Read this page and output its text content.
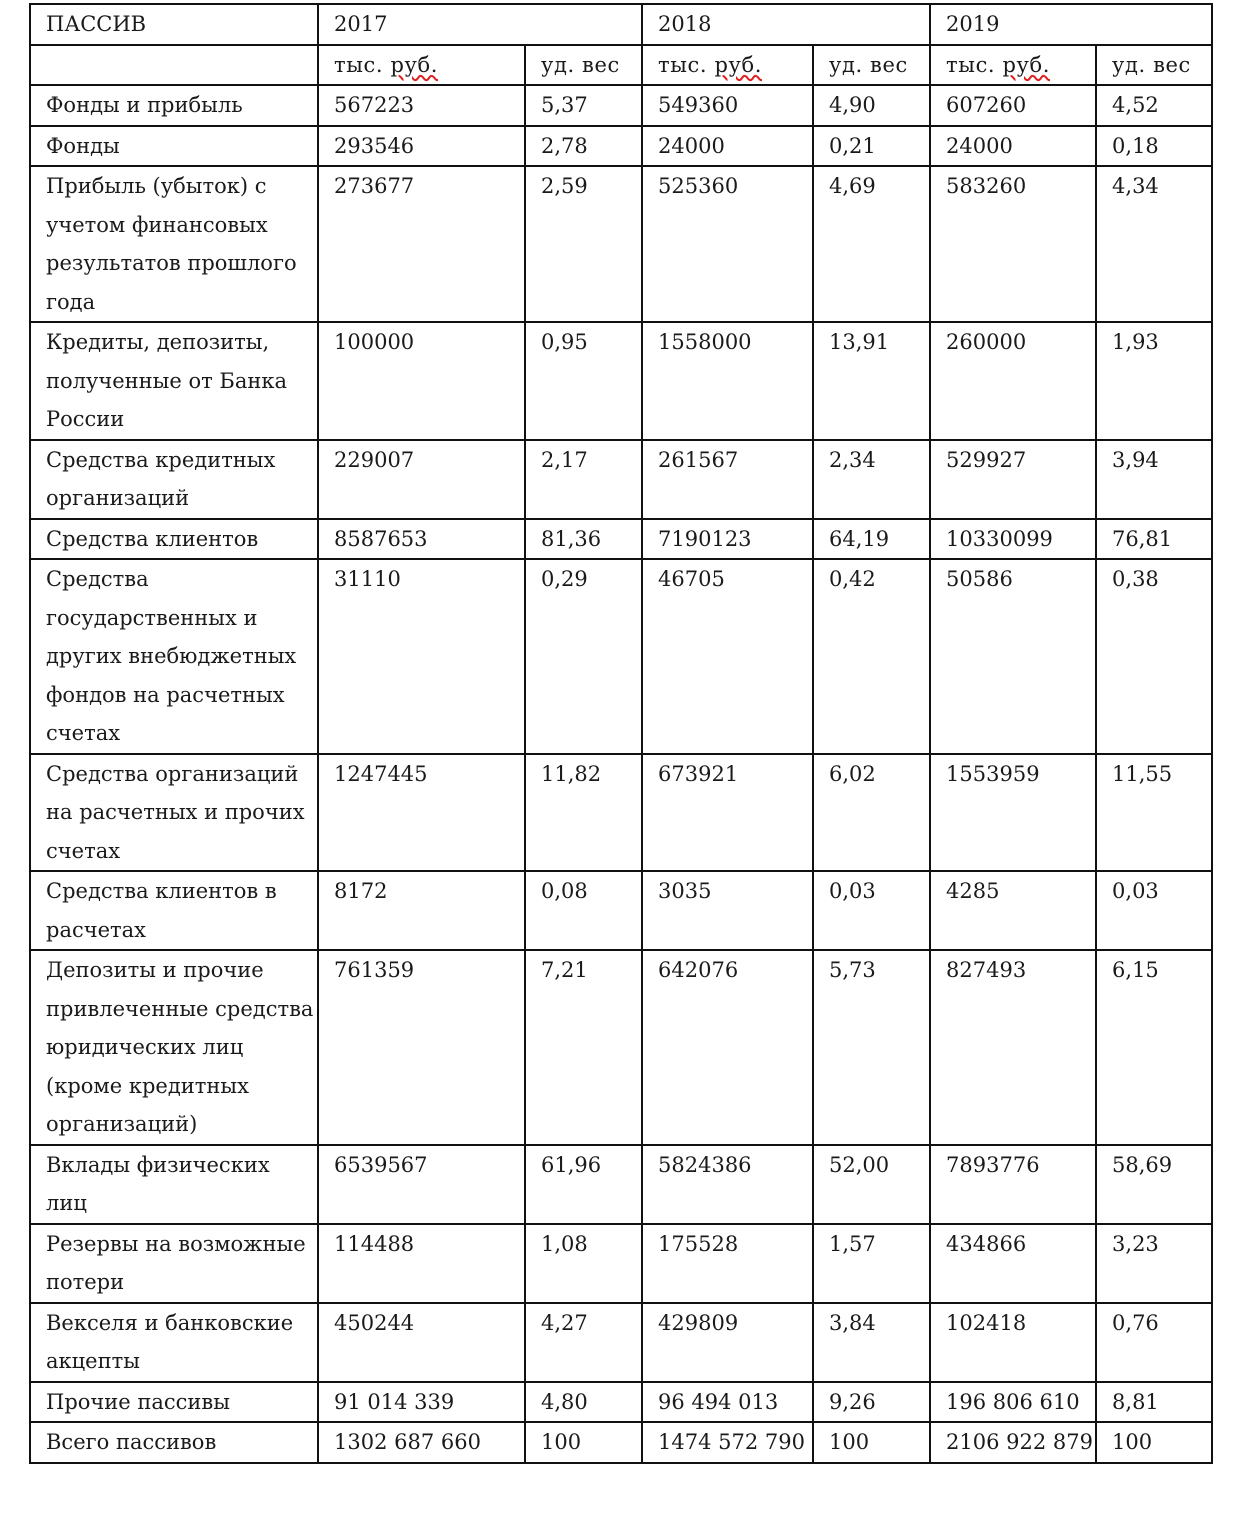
ПАССИВ	2017		2018		2019	
	тыс. руб.	уд. вес	тыс. руб.	уд. вес	тыс. руб.	уд. вес
Фонды и прибыль	567223	5,37	549360	4,90	607260	4,52
Фонды	293546	2,78	24000	0,21	24000	0,18
Прибыль (убыток) с учетом финансовых результатов прошлого года	273677	2,59	525360	4,69	583260	4,34
Кредиты, депозиты, полученные от Банка России	100000	0,95	1558000	13,91	260000	1,93
Средства кредитных организаций	229007	2,17	261567	2,34	529927	3,94
Средства клиентов	8587653	81,36	7190123	64,19	10330099	76,81
Средства государственных и других внебюджетных фондов на расчетных счетах	31110	0,29	46705	0,42	50586	0,38
Средства организаций на расчетных и прочих счетах	1247445	11,82	673921	6,02	1553959	11,55
Средства клиентов в расчетах	8172	0,08	3035	0,03	4285	0,03
Депозиты и прочие привлеченные средства юридических лиц (кроме кредитных организаций)	761359	7,21	642076	5,73	827493	6,15
Вклады физических лиц	6539567	61,96	5824386	52,00	7893776	58,69
Резервы на возможные потери	114488	1,08	175528	1,57	434866	3,23
Векселя и банковские акцепты	450244	4,27	429809	3,84	102418	0,76
Прочие пассивы	91 014 339	4,80	96 494 013	9,26	196 806 610	8,81
Всего пассивов	1302 687 660	100	1474 572 790	100	2106 922 879	100
